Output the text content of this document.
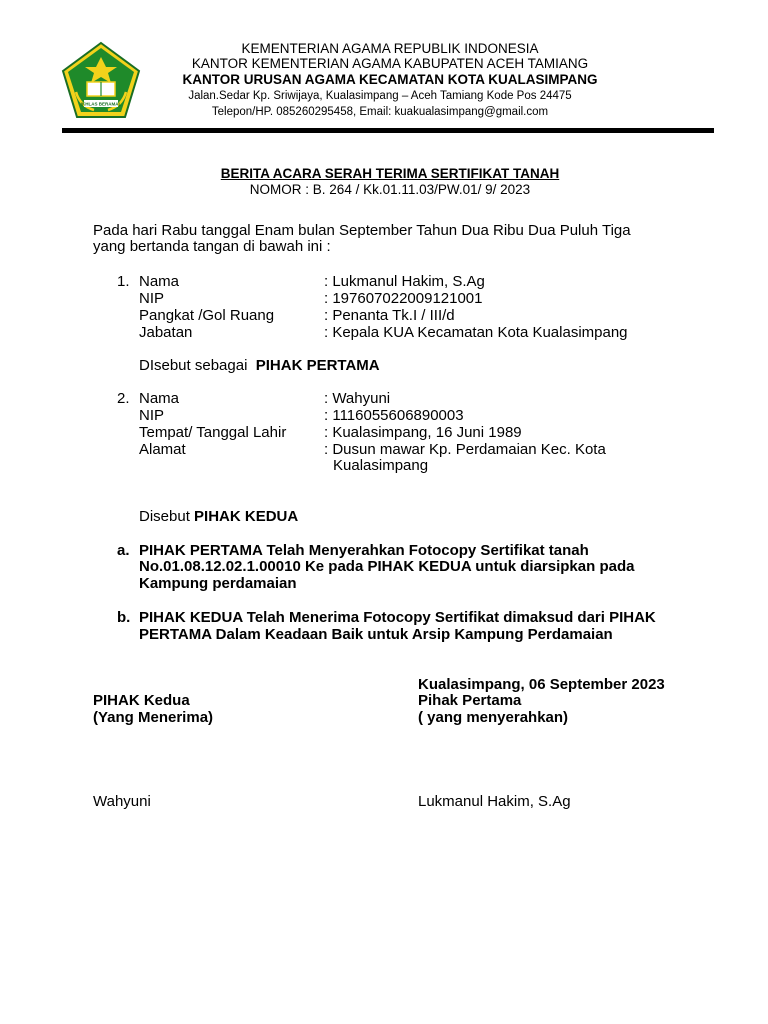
IKHLAS BERAMAL
KEMENTERIAN AGAMA REPUBLIK INDONESIA
KANTOR KEMENTERIAN AGAMA KABUPATEN ACEH TAMIANG
KANTOR URUSAN AGAMA KECAMATAN KOTA KUALASIMPANG
Jalan.Sedar Kp. Sriwijaya, Kualasimpang – Aceh Tamiang Kode Pos 24475
Telepon/HP. 085260295458, Email: kuakualasimpang@gmail.com
BERITA ACARA SERAH TERIMA SERTIFIKAT TANAH
NOMOR : B. 264 / Kk.01.11.03/PW.01/ 9/ 2023
Pada hari Rabu tanggal Enam bulan September Tahun Dua Ribu Dua Puluh Tiga
yang bertanda tangan di bawah ini :
1. Nama
NIP
Pangkat /Gol Ruang
Jabatan
: Lukmanul Hakim, S.Ag
: 197607022009121001
: Penanta Tk.I / III/d
: Kepala KUA Kecamatan Kota Kualasimpang
DIsebut sebagai PIHAK PERTAMA
2. Nama
NIP
Tempat/ Tanggal Lahir
Alamat
: Wahyuni
: 1116055606890003
: Kualasimpang, 16 Juni 1989
: Dusun mawar Kp. Perdamaian Kec. Kota
Kualasimpang
Disebut PIHAK KEDUA
a. PIHAK PERTAMA Telah Menyerahkan Fotocopy Sertifikat tanah
No.01.08.12.02.1.00010 Ke pada PIHAK KEDUA untuk diarsipkan pada
Kampung perdamaian
b. PIHAK KEDUA Telah Menerima Fotocopy Sertifikat dimaksud dari PIHAK
PERTAMA Dalam Keadaan Baik untuk Arsip Kampung Perdamaian
Kualasimpang, 06 September 2023
PIHAK Kedua
(Yang Menerima)
Pihak Pertama
( yang menyerahkan)
Wahyuni	Lukmanul Hakim, S.Ag
